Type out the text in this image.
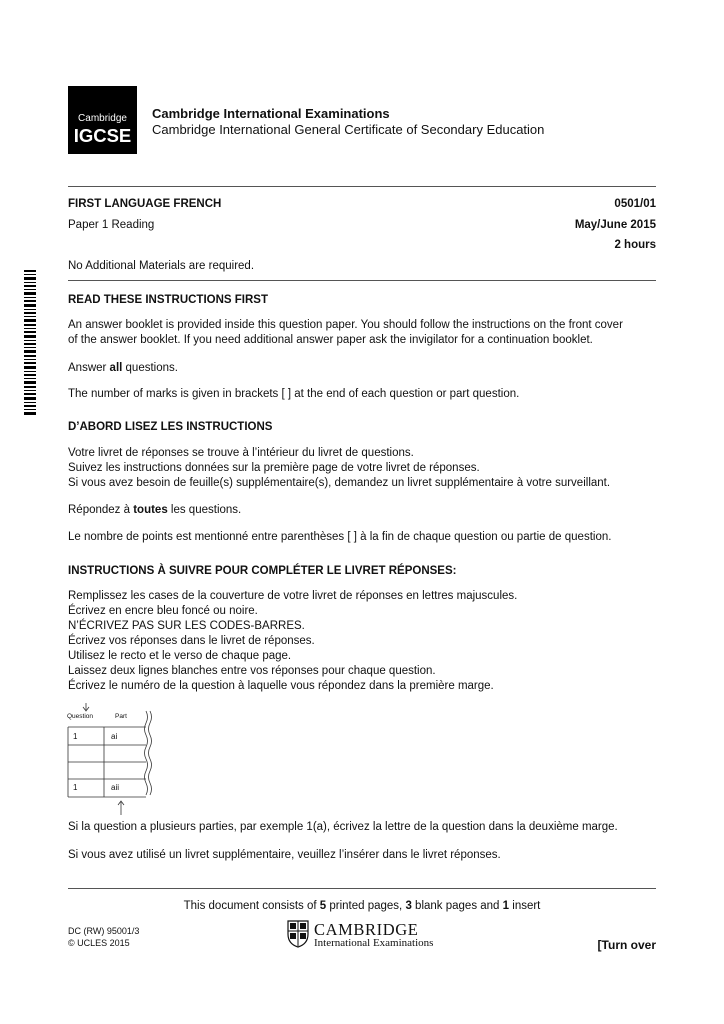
Cambridge
IGCSE
Cambridge International Examinations
Cambridge International General Certificate of Secondary Education
FIRST LANGUAGE FRENCH	0501/01
Paper 1 Reading	May/June 2015
2 hours
No Additional Materials are required.
READ THESE INSTRUCTIONS FIRST

An answer booklet is provided inside this question paper. You should follow the instructions on the front cover

of the answer booklet. If you need additional answer paper ask the invigilator for a continuation booklet.

Answer all questions.

The number of marks is given in brackets [ ] at the end of each question or part question.

D’ABORD LISEZ LES INSTRUCTIONS

Votre livret de réponses se trouve à l’intérieur du livret de questions.

Suivez les instructions données sur la première page de votre livret de réponses.

Si vous avez besoin de feuille(s) supplémentaire(s), demandez un livret supplémentaire à votre surveillant.

Répondez à toutes les questions.

Le nombre de points est mentionné entre parenthèses [ ] à la fin de chaque question ou partie de question.

INSTRUCTIONS À SUIVRE POUR COMPLÉTER LE LIVRET RÉPONSES:

Remplissez les cases de la couverture de votre livret de réponses en lettres majuscules.

Écrivez en encre bleu foncé ou noire.

N’ÉCRIVEZ PAS SUR LES CODES-BARRES.

Écrivez vos réponses dans le livret de réponses.

Utilisez le recto et le verso de chaque page.

Laissez deux lignes blanches entre vos réponses pour chaque question.

Écrivez le numéro de la question à laquelle vous répondez dans la première marge.

Question	Part
1	ai
1	aii

Si la question a plusieurs parties, par exemple 1(a), écrivez la lettre de la question dans la deuxième marge.

Si vous avez utilisé un livret supplémentaire, veuillez l’insérer dans le livret réponses.

This document consists of 5 printed pages, 3 blank pages and 1 insert
DC (RW) 95001/3
© UCLES 2015
CAMBRIDGE
International Examinations	[Turn over
